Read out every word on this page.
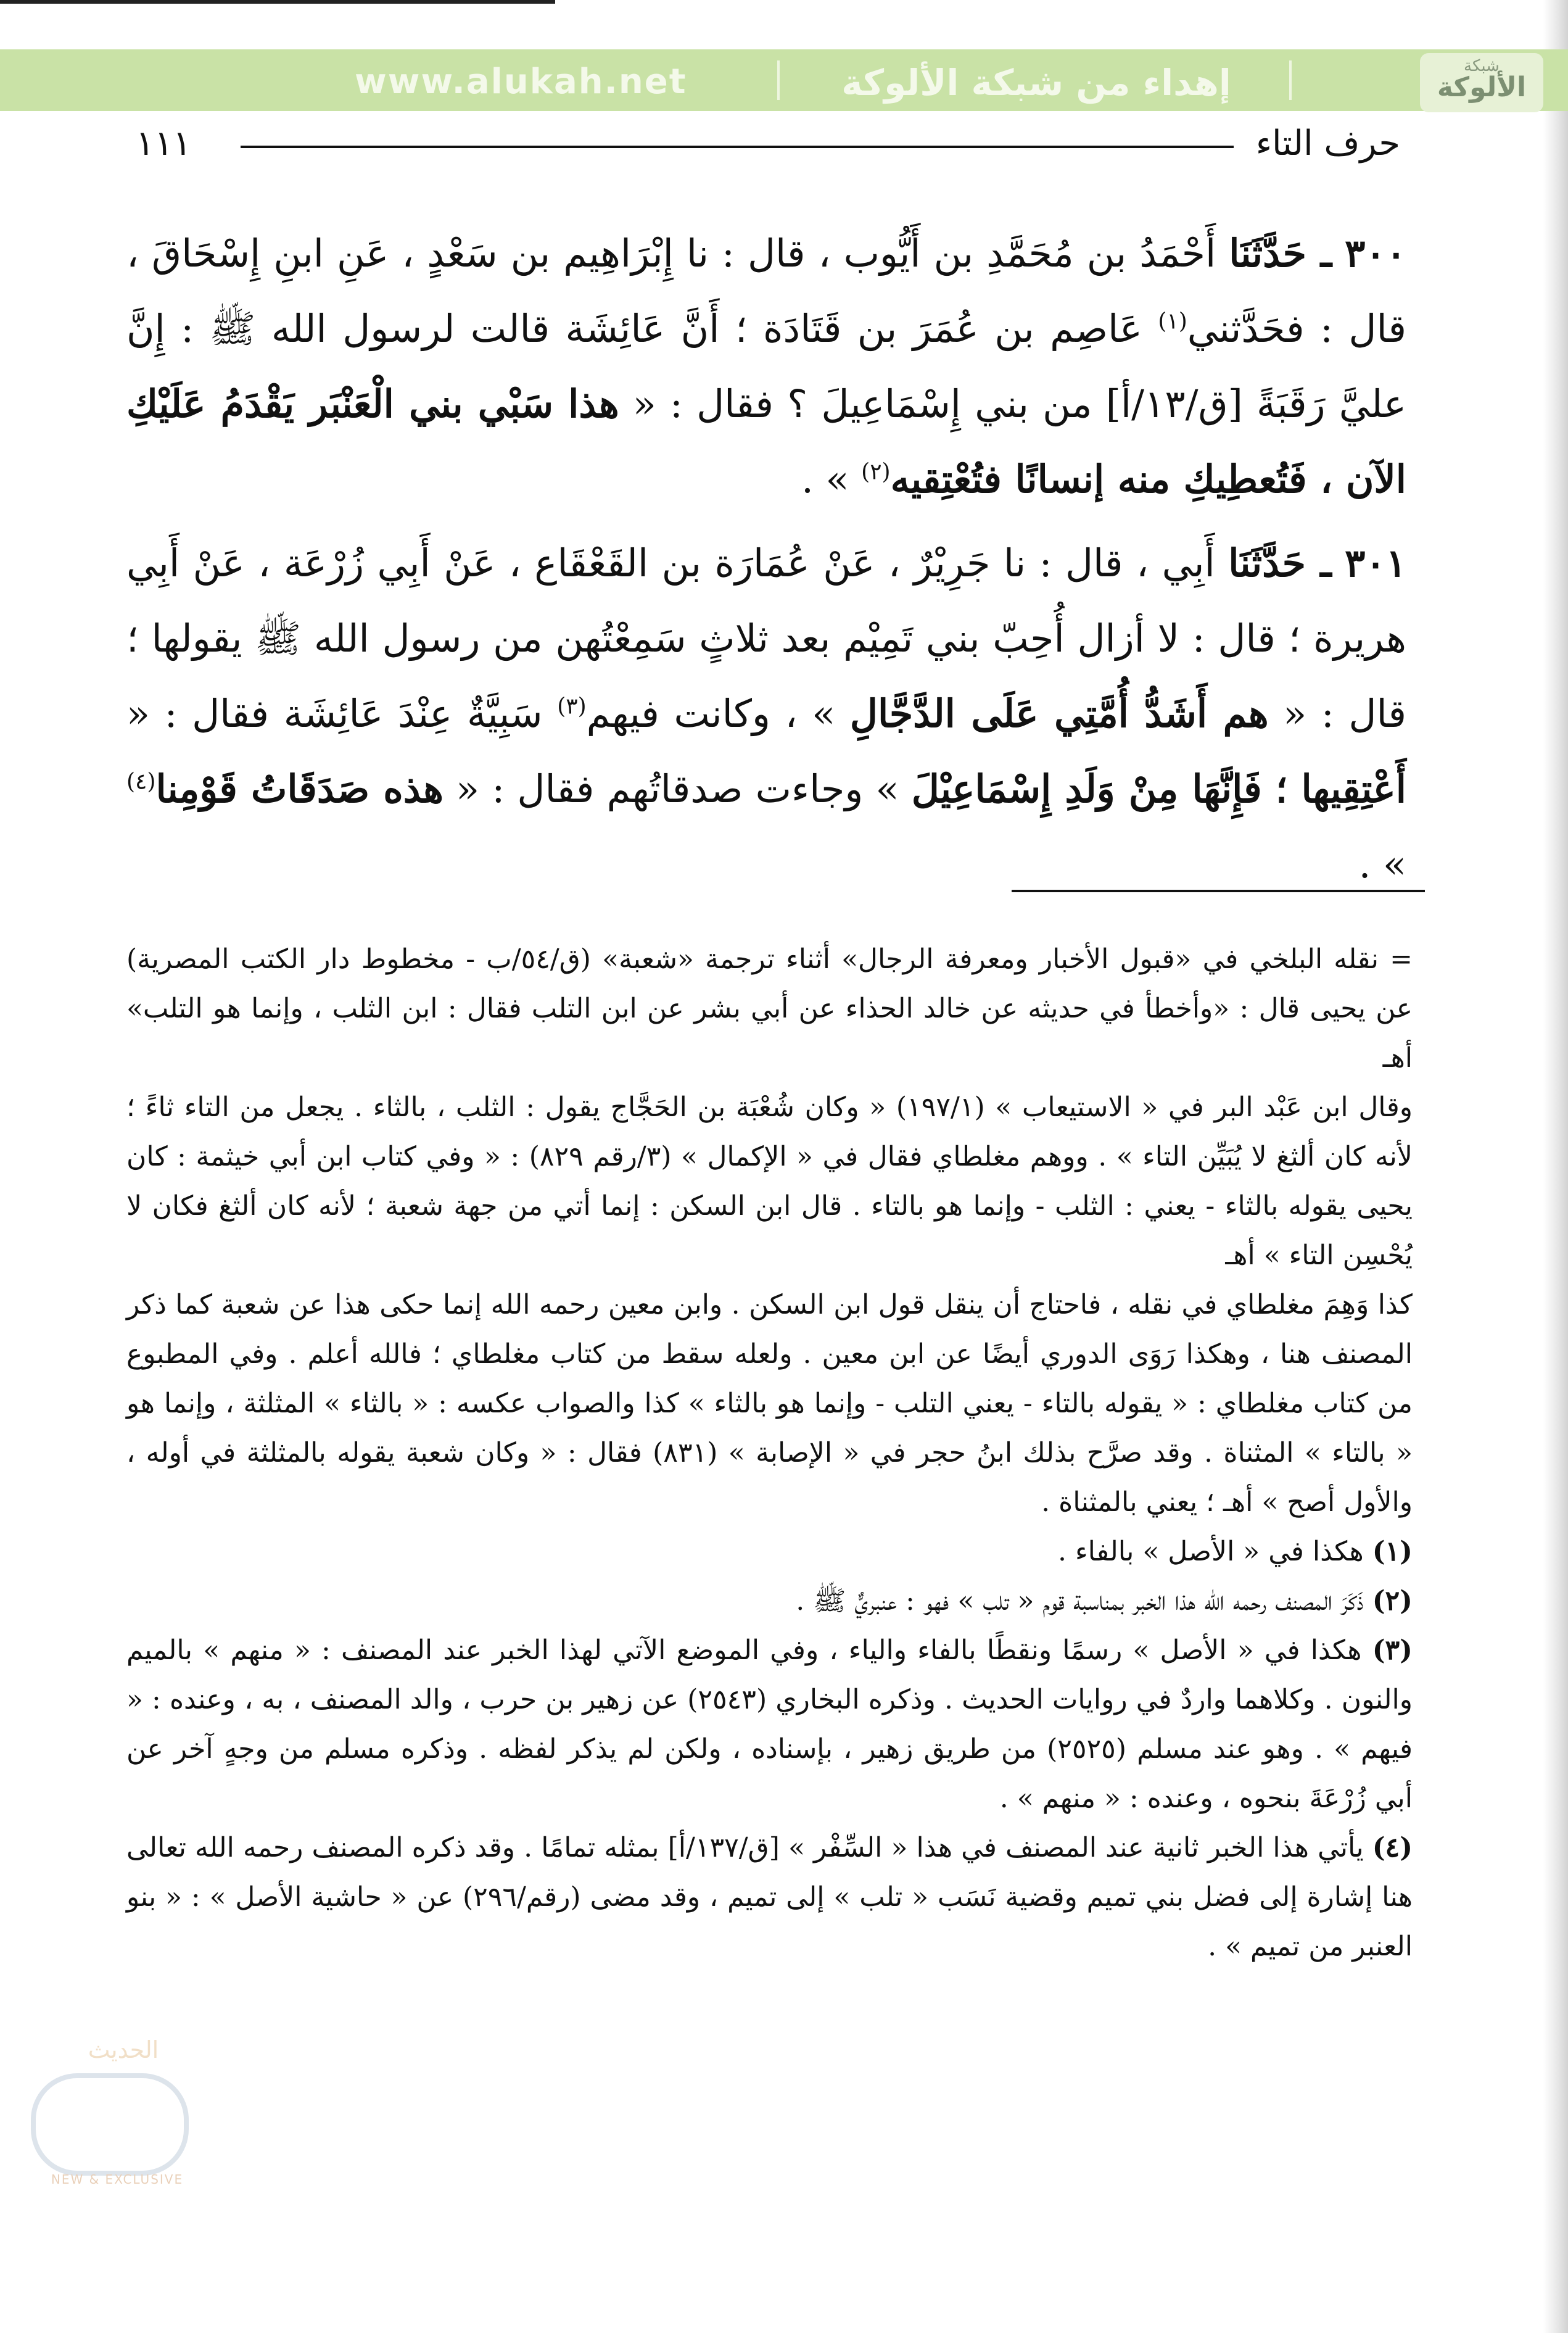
www.alukah.net	إهداء من شبكة الألوكة	شبكة
الألوكة
حرف التاء
١١١

٣٠٠ ـ حَدَّثَنَا أَحْمَدُ بن مُحَمَّدِ بن أَيُّوب ، قال : نا إِبْرَاهِيم بن سَعْدٍ ، عَنِ ابنِ إِسْحَاقَ ، قال : فحَدَّثني$^{(١)}$ عَاصِم بن عُمَرَ بن قَتَادَة ؛ أَنَّ عَائِشَة قالت لرسول الله ﷺ : إِنَّ عليَّ رَقَبَةً [ق/١٣/أ] من بني إِسْمَاعِيلَ ؟ فقال : « هذا سَبْي بني الْعَنْبَر يَقْدَمُ عَلَيْكِ الآن ، فَتُعطِيكِ منه إنسانًا فتُعْتِقيه$^{(٢)}$ » .

٣٠١ ـ حَدَّثَنَا أَبِي ، قال : نا جَرِيْرٌ ، عَنْ عُمَارَة بن القَعْقَاع ، عَنْ أَبِي زُرْعَة ، عَنْ أَبِي هريرة ؛ قال : لا أزال أُحِبّ بني تَمِيْم بعد ثلاثٍ سَمِعْتُهن من رسول الله ﷺ يقولها ؛ قال : « هم أَشَدُّ أُمَّتِي عَلَى الدَّجَّالِ » ، وكانت فيهم$^{(٣)}$ سَبِيَّةٌ عِنْدَ عَائِشَة فقال : « أَعْتِقِيها ؛ فَإِنَّهَا مِنْ وَلَدِ إِسْمَاعِيْلَ » وجاءت صدقاتُهم فقال : « هذه صَدَقَاتُ قَوْمِنا$^{(٤)}$ » .

= نقله البلخي في «قبول الأخبار ومعرفة الرجال» أثناء ترجمة «شعبة» (ق/٥٤/ب - مخطوط دار الكتب المصرية) عن يحيى قال : «وأخطأ في حديثه عن خالد الحذاء عن أبي بشر عن ابن التلب فقال : ابن الثلب ، وإنما هو التلب» أهـ

وقال ابن عَبْد البر في « الاستيعاب » (١٩٧/١) « وكان شُعْبَة بن الحَجَّاج يقول : الثلب ، بالثاء . يجعل من التاء ثاءً ؛ لأنه كان ألثغ لا يُبَيِّن التاء » . ووهم مغلطاي فقال في « الإكمال » (٣/رقم ٨٢٩) : « وفي كتاب ابن أبي خيثمة : كان يحيى يقوله بالثاء - يعني : الثلب - وإنما هو بالتاء . قال ابن السكن : إنما أتي من جهة شعبة ؛ لأنه كان ألثغ فكان لا يُحْسِن التاء » أهـ

كذا وَهِمَ مغلطاي في نقله ، فاحتاج أن ينقل قول ابن السكن . وابن معين رحمه الله إنما حكى هذا عن شعبة كما ذكر المصنف هنا ، وهكذا رَوَى الدوري أيضًا عن ابن معين . ولعله سقط من كتاب مغلطاي ؛ فالله أعلم . وفي المطبوع من كتاب مغلطاي : « يقوله بالتاء - يعني التلب - وإنما هو بالثاء » كذا والصواب عكسه : « بالثاء » المثلثة ، وإنما هو « بالتاء » المثناة . وقد صرَّح بذلك ابنُ حجر في « الإصابة » (٨٣١) فقال : « وكان شعبة يقوله بالمثلثة في أوله ، والأول أصح » أهـ ؛ يعني بالمثناة .

(١) هكذا في « الأصل » بالفاء .

(٢) ذَكَرَ المصنف رحمه الله هذا الخبر بمناسبة قوم « تلب » فهو : عنبريٌّ ﷺ .

(٣) هكذا في « الأصل » رسمًا ونقطًا بالفاء والياء ، وفي الموضع الآتي لهذا الخبر عند المصنف : « منهم » بالميم والنون . وكلاهما واردٌ في روايات الحديث . وذكره البخاري (٢٥٤٣) عن زهير بن حرب ، والد المصنف ، به ، وعنده : « فيهم » . وهو عند مسلم (٢٥٢٥) من طريق زهير ، بإسناده ، ولكن لم يذكر لفظه . وذكره مسلم من وجهٍ آخر عن أبي زُرْعَةَ بنحوه ، وعنده : « منهم » .

(٤) يأتي هذا الخبر ثانية عند المصنف في هذا « السِّفْر » [ق/١٣٧/أ] بمثله تمامًا . وقد ذكره المصنف رحمه الله تعالى هنا إشارة إلى فضل بني تميم وقضية نَسَب « تلب » إلى تميم ، وقد مضى (رقم/٢٩٦) عن « حاشية الأصل » : « بنو العنبر من تميم » .

الحديث
NEW & EXCLUSIVE
